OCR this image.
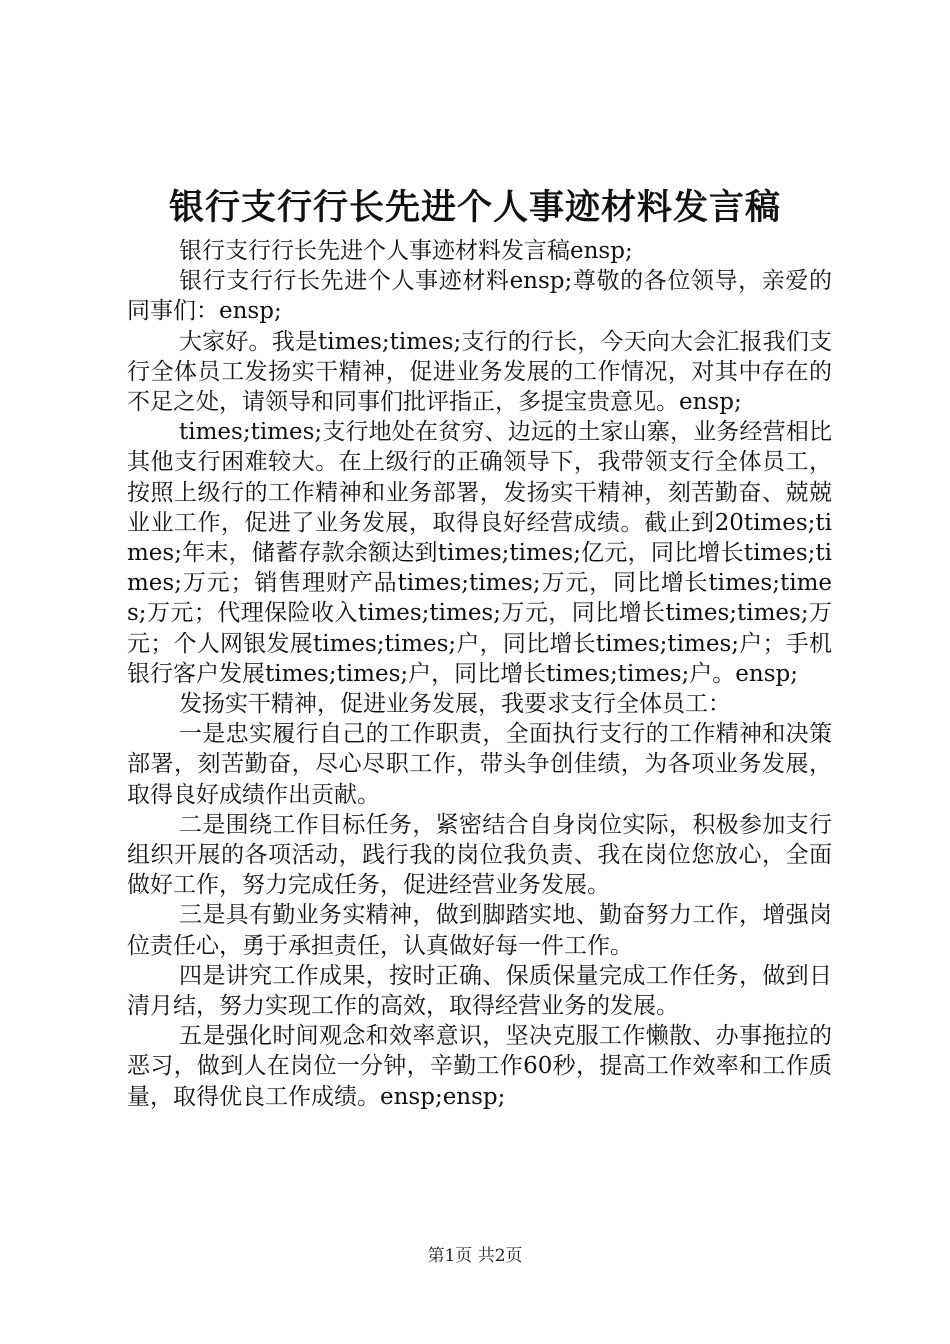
银行支行行长先进个人事迹材料发言稿

银行支行行长先进个人事迹材料发言稿ensp;

银行支行行长先进个人事迹材料ensp;尊敬的各位领导，亲爱的同事们：ensp;

大家好。我是times;times;支行的行长，今天向大会汇报我们支行全体员工发扬实干精神，促进业务发展的工作情况，对其中存在的不足之处，请领导和同事们批评指正，多提宝贵意见。ensp;

times;times;支行地处在贫穷、边远的土家山寨，业务经营相比其他支行困难较大。在上级行的正确领导下，我带领支行全体员工，按照上级行的工作精神和业务部署，发扬实干精神，刻苦勤奋、兢兢业业工作，促进了业务发展，取得良好经营成绩。截止到20times;times;年末，储蓄存款余额达到times;times;亿元，同比增长times;times;万元；销售理财产品times;times;万元，同比增长times;times;万元；代理保险收入times;times;万元，同比增长times;times;万元；个人网银发展times;times;户，同比增长times;times;户；手机银行客户发展times;times;户，同比增长times;times;户。ensp;

发扬实干精神，促进业务发展，我要求支行全体员工：

一是忠实履行自己的工作职责，全面执行支行的工作精神和决策部署，刻苦勤奋，尽心尽职工作，带头争创佳绩，为各项业务发展，取得良好成绩作出贡献。

二是围绕工作目标任务，紧密结合自身岗位实际，积极参加支行组织开展的各项活动，践行我的岗位我负责、我在岗位您放心，全面做好工作，努力完成任务，促进经营业务发展。

三是具有勤业务实精神，做到脚踏实地、勤奋努力工作，增强岗位责任心，勇于承担责任，认真做好每一件工作。

四是讲究工作成果，按时正确、保质保量完成工作任务，做到日清月结，努力实现工作的高效，取得经营业务的发展。

五是强化时间观念和效率意识，坚决克服工作懒散、办事拖拉的恶习，做到人在岗位一分钟，辛勤工作60秒，提高工作效率和工作质量，取得优良工作成绩。ensp;ensp;

第1页 共2页
